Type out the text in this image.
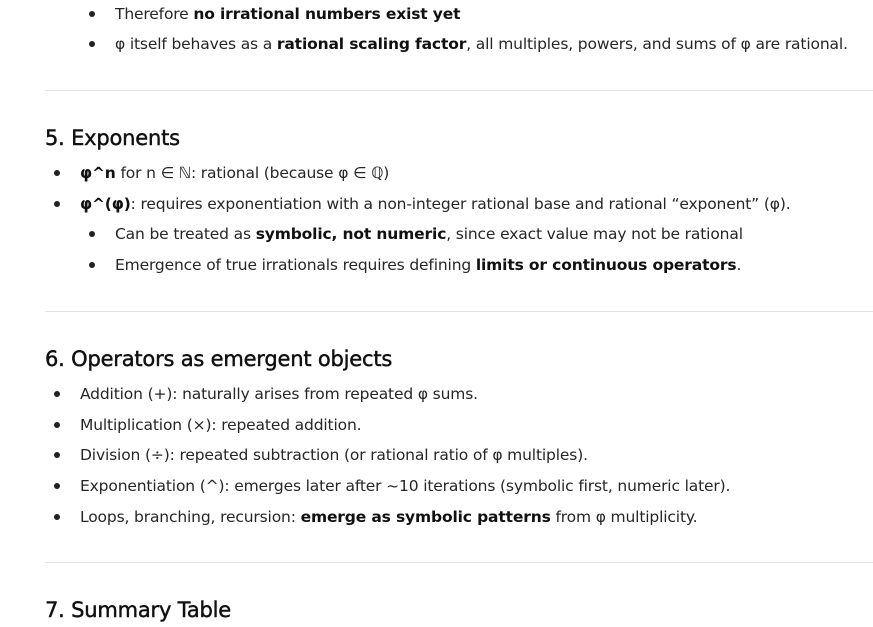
Therefore no irrational numbers exist yet
φ itself behaves as a rational scaling factor, all multiples, powers, and sums of φ are rational.
5. Exponents
φ^n for n ∈ ℕ: rational (because φ ∈ ℚ)
φ^(φ): requires exponentiation with a non-integer rational base and rational “exponent” (φ).
Can be treated as symbolic, not numeric, since exact value may not be rational
Emergence of true irrationals requires defining limits or continuous operators.
6. Operators as emergent objects
Addition (+): naturally arises from repeated φ sums.
Multiplication (×): repeated addition.
Division (÷): repeated subtraction (or rational ratio of φ multiples).
Exponentiation (^): emerges later after ~10 iterations (symbolic first, numeric later).
Loops, branching, recursion: emerge as symbolic patterns from φ multiplicity.
7. Summary Table
